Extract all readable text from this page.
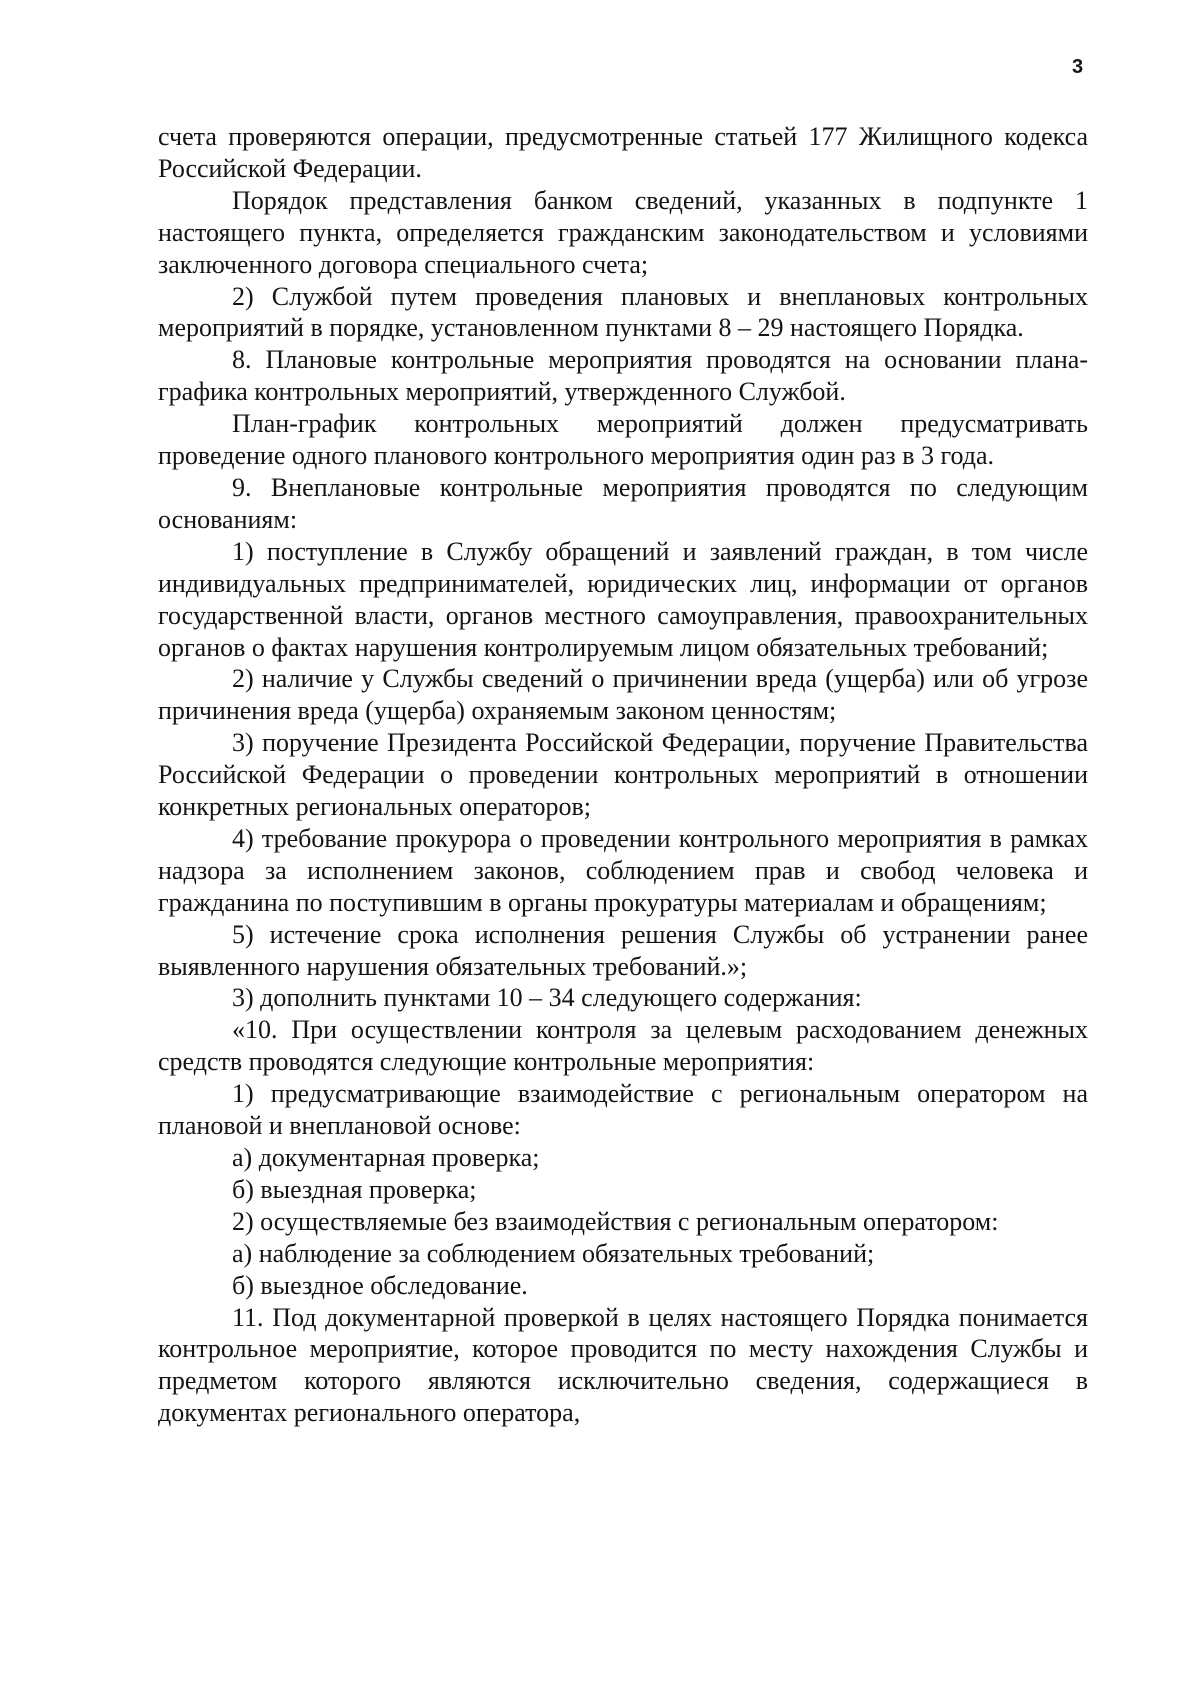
3

счета проверяются операции, предусмотренные статьей 177 Жилищного кодекса Российской Федерации.

Порядок представления банком сведений, указанных в подпункте 1 настоящего пункта, определяется гражданским законодательством и условиями заключенного договора специального счета;

2) Службой путем проведения плановых и внеплановых контрольных мероприятий в порядке, установленном пунктами 8 – 29 настоящего Порядка.

8. Плановые контрольные мероприятия проводятся на основании плана-графика контрольных мероприятий, утвержденного Службой.

План-график контрольных мероприятий должен предусматривать проведение одного планового контрольного мероприятия один раз в 3 года.

9. Внеплановые контрольные мероприятия проводятся по следующим основаниям:

1) поступление в Службу обращений и заявлений граждан, в том числе индивидуальных предпринимателей, юридических лиц, информации от органов государственной власти, органов местного самоуправления, правоохранительных органов о фактах нарушения контролируемым лицом обязательных требований;

2) наличие у Службы сведений о причинении вреда (ущерба) или об угрозе причинения вреда (ущерба) охраняемым законом ценностям;

3) поручение Президента Российской Федерации, поручение Правительства Российской Федерации о проведении контрольных мероприятий в отношении конкретных региональных операторов;

4) требование прокурора о проведении контрольного мероприятия в рамках надзора за исполнением законов, соблюдением прав и свобод человека и гражданина по поступившим в органы прокуратуры материалам и обращениям;

5) истечение срока исполнения решения Службы об устранении ранее выявленного нарушения обязательных требований.»;

3) дополнить пунктами 10 – 34 следующего содержания:

«10. При осуществлении контроля за целевым расходованием денежных средств проводятся следующие контрольные мероприятия:

1) предусматривающие взаимодействие с региональным оператором на плановой и внеплановой основе:

а) документарная проверка;

б) выездная проверка;

2) осуществляемые без взаимодействия с региональным оператором:

а) наблюдение за соблюдением обязательных требований;

б) выездное обследование.

11. Под документарной проверкой в целях настоящего Порядка понимается контрольное мероприятие, которое проводится по месту нахождения Службы и предметом которого являются исключительно сведения, содержащиеся в документах регионального оператора,
